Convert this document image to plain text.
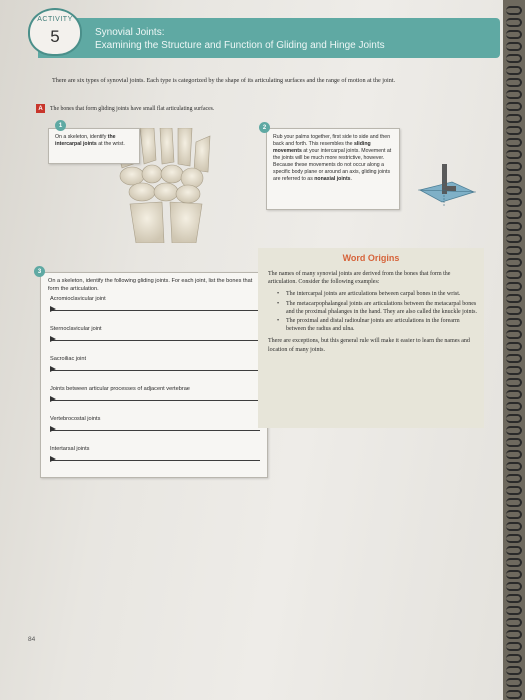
ACTIVITY
5	Synovial Joints:
Examining the Structure and Function of Gliding and Hinge Joints
There are six types of synovial joints. Each type is categorized by the shape of its articulating surfaces and the range of motion at the joint.
A	The bones that form gliding joints have small flat articulating surfaces.
On a skeleton, identify the intercarpal joints at the wrist.
1
Rub your palms together, first side to side and then back and forth. This resembles the sliding movements at your intercarpal joints. Movement at the joints will be much more restrictive, however. Because these movements do not occur along a specific body plane or around an axis, gliding joints are referred to as nonaxial joints.
2
3
On a skeleton, identify the following gliding joints. For each joint, list the bones that form the articulation.
Acromioclavicular joint
Sternoclavicular joint
Sacroiliac joint
Joints between articular processes of adjacent vertebrae
Vertebrocostal joints
Intertarsal joints
Word Origins

The names of many synovial joints are derived from the bones that form the articulation. Consider the following examples:

• The intercarpal joints are articulations between carpal bones in the wrist.
• The metacarpophalangeal joints are articulations between the metacarpal bones and the proximal phalanges in the hand. They are also called the knuckle joints.
• The proximal and distal radioulnar joints are articulations in the forearm between the radius and ulna.

There are exceptions, but this general rule will make it easier to learn the names and location of many joints.

84
